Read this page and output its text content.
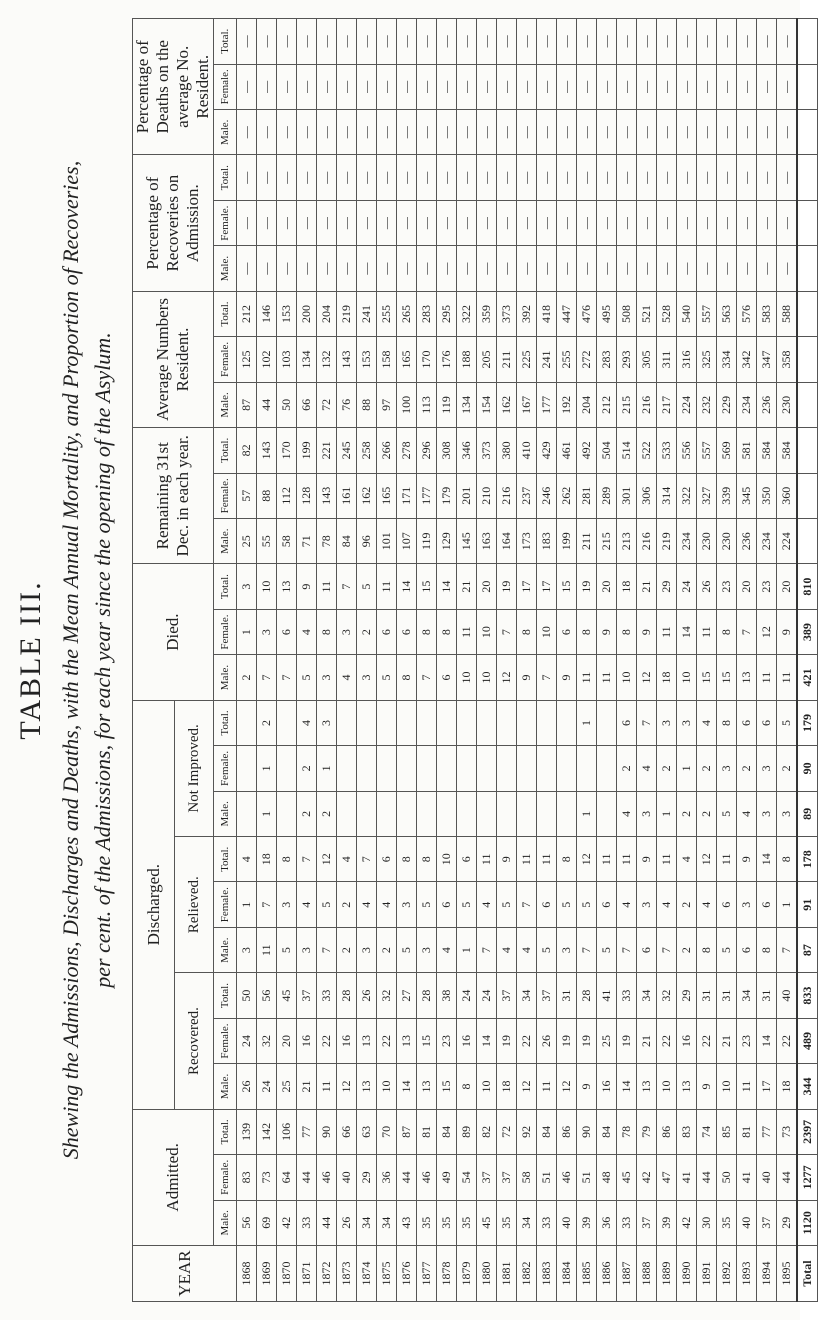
TABLE III. Shewing the Admissions, Discharges and Deaths, with the Mean Annual Mortality, and Proportion of Recoveries, per cent. of the Admissions, for each year since the opening of the Asylum.
YEAR	Admitted.			Discharged.									Died.			Remaining 31st Dec. in each year.			Average Numbers Resident.			Percentage of Recoveries on Admission.			Percentage of Deaths on the average No. Resident.		
				Recovered.			Relieved.			Not Improved.																	
	Male.	Female.	Total.	Male.	Female.	Total.	Male.	Female.	Total.	Male.	Female.	Total.	Male.	Female.	Total.	Male.	Female.	Total.	Male.	Female.	Total.	Male.	Female.	Total.	Male.	Female.	Total.
1868	56	83	139	26	24	50	3	1	4				2	1	3	25	57	82	87	125	212	—	—	—	—	—	—
1869	69	73	142	24	32	56	11	7	18	1	1	2	7	3	10	55	88	143	44	102	146	—	—	—	—	—	—
1870	42	64	106	25	20	45	5	3	8				7	6	13	58	112	170	50	103	153	—	—	—	—	—	—
1871	33	44	77	21	16	37	3	4	7	2	2	4	5	4	9	71	128	199	66	134	200	—	—	—	—	—	—
1872	44	46	90	11	22	33	7	5	12	2	1	3	3	8	11	78	143	221	72	132	204	—	—	—	—	—	—
1873	26	40	66	12	16	28	2	2	4				4	3	7	84	161	245	76	143	219	—	—	—	—	—	—
1874	34	29	63	13	13	26	3	4	7				3	2	5	96	162	258	88	153	241	—	—	—	—	—	—
1875	34	36	70	10	22	32	2	4	6				5	6	11	101	165	266	97	158	255	—	—	—	—	—	—
1876	43	44	87	14	13	27	5	3	8				8	6	14	107	171	278	100	165	265	—	—	—	—	—	—
1877	35	46	81	13	15	28	3	5	8				7	8	15	119	177	296	113	170	283	—	—	—	—	—	—
1878	35	49	84	15	23	38	4	6	10				6	8	14	129	179	308	119	176	295	—	—	—	—	—	—
1879	35	54	89	8	16	24	1	5	6				10	11	21	145	201	346	134	188	322	—	—	—	—	—	—
1880	45	37	82	10	14	24	7	4	11				10	10	20	163	210	373	154	205	359	—	—	—	—	—	—
1881	35	37	72	18	19	37	4	5	9				12	7	19	164	216	380	162	211	373	—	—	—	—	—	—
1882	34	58	92	12	22	34	4	7	11				9	8	17	173	237	410	167	225	392	—	—	—	—	—	—
1883	33	51	84	11	26	37	5	6	11				7	10	17	183	246	429	177	241	418	—	—	—	—	—	—
1884	40	46	86	12	19	31	3	5	8				9	6	15	199	262	461	192	255	447	—	—	—	—	—	—
1885	39	51	90	9	19	28	7	5	12	1		1	11	8	19	211	281	492	204	272	476	—	—	—	—	—	—
1886	36	48	84	16	25	41	5	6	11				11	9	20	215	289	504	212	283	495	—	—	—	—	—	—
1887	33	45	78	14	19	33	7	4	11	4	2	6	10	8	18	213	301	514	215	293	508	—	—	—	—	—	—
1888	37	42	79	13	21	34	6	3	9	3	4	7	12	9	21	216	306	522	216	305	521	—	—	—	—	—	—
1889	39	47	86	10	22	32	7	4	11	1	2	3	18	11	29	219	314	533	217	311	528	—	—	—	—	—	—
1890	42	41	83	13	16	29	2	2	4	2	1	3	10	14	24	234	322	556	224	316	540	—	—	—	—	—	—
1891	30	44	74	9	22	31	8	4	12	2	2	4	15	11	26	230	327	557	232	325	557	—	—	—	—	—	—
1892	35	50	85	10	21	31	5	6	11	5	3	8	15	8	23	230	339	569	229	334	563	—	—	—	—	—	—
1893	40	41	81	11	23	34	6	3	9	4	2	6	13	7	20	236	345	581	234	342	576	—	—	—	—	—	—
1894	37	40	77	17	14	31	8	6	14	3	3	6	11	12	23	234	350	584	236	347	583	—	—	—	—	—	—
1895	29	44	73	18	22	40	7	1	8	3	2	5	11	9	20	224	360	584	230	358	588	—	—	—	—	—	—
Total	1120	1277	2397	344	489	833	87	91	178	89	90	179	421	389	810												
